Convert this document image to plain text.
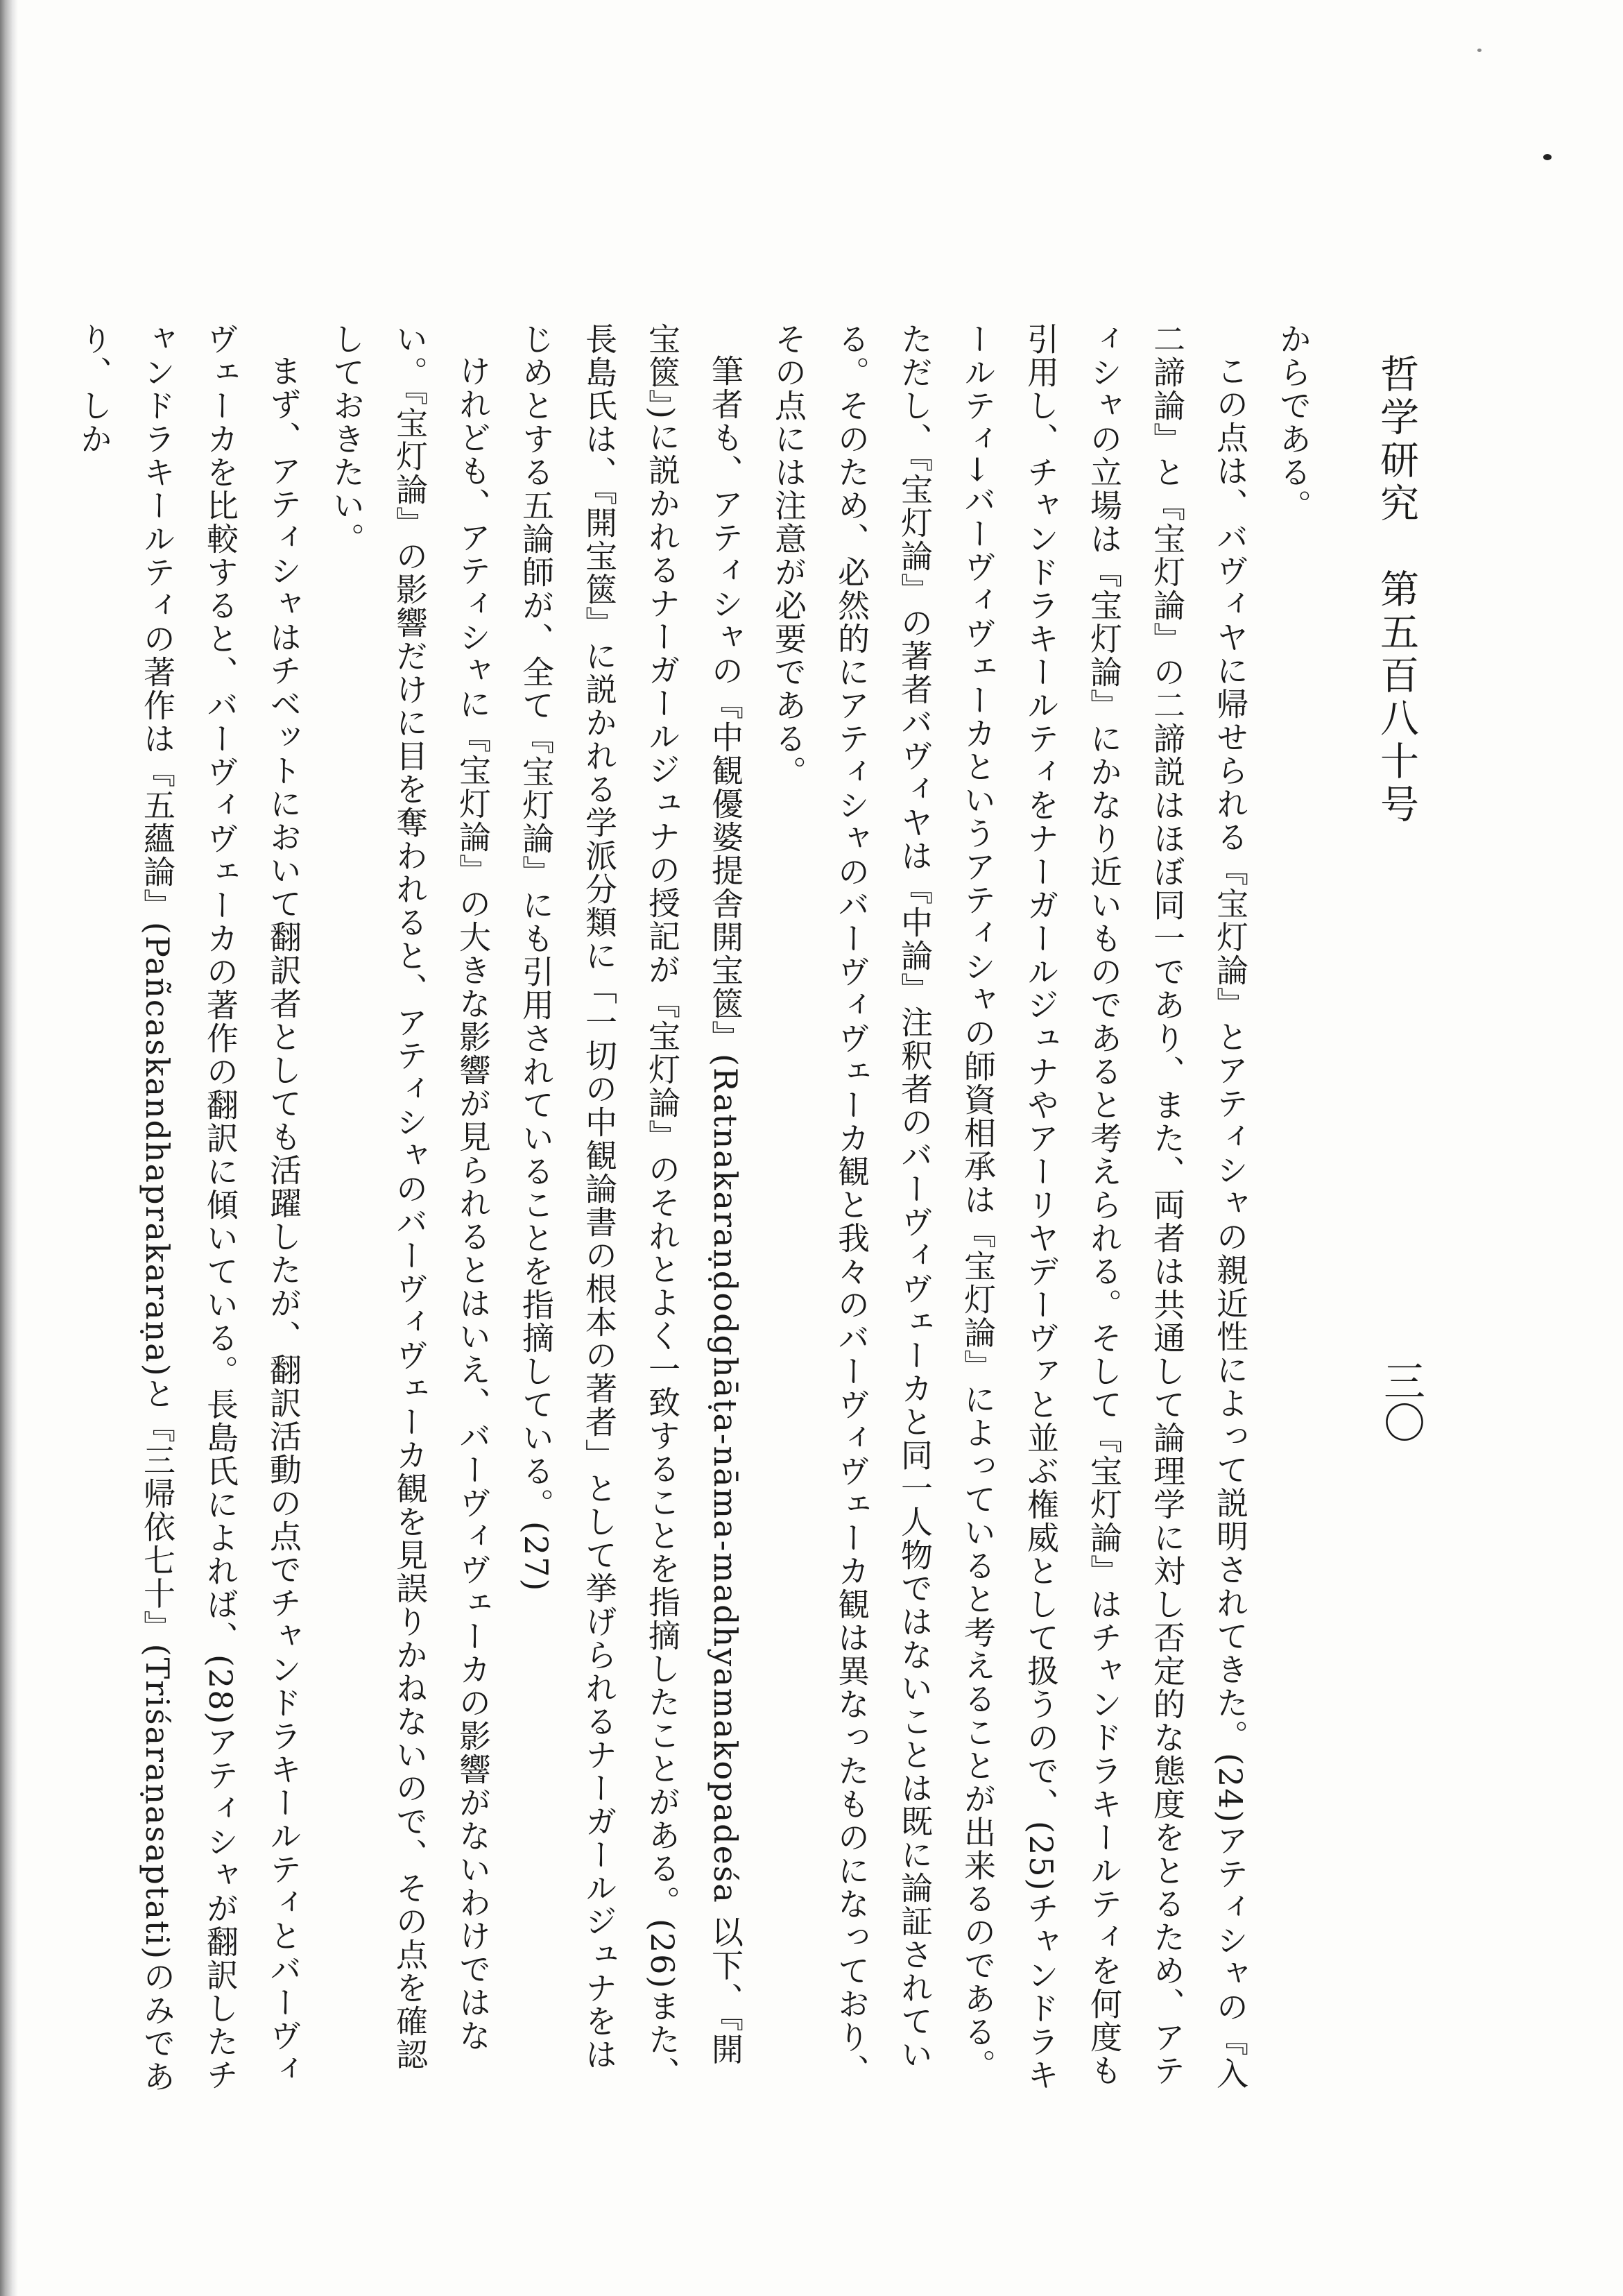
哲学研究　第五百八十号
三〇

からである。

この点は、バヴィヤに帰せられる『宝灯論』とアティシャの親近性によって説明されてきた。(24)アティシャの『入二諦論』と『宝灯論』の二諦説はほぼ同一であり、また、両者は共通して論理学に対し否定的な態度をとるため、アティシャの立場は『宝灯論』にかなり近いものであると考えられる。そして『宝灯論』はチャンドラキールティを何度も引用し、チャンドラキールティをナーガールジュナやアーリヤデーヴァと並ぶ権威として扱うので、(25)チャンドラキールティ→バーヴィヴェーカというアティシャの師資相承は『宝灯論』によっていると考えることが出来るのである。ただし、『宝灯論』の著者バヴィヤは『中論』注釈者のバーヴィヴェーカと同一人物ではないことは既に論証されている。そのため、必然的にアティシャのバーヴィヴェーカ観と我々のバーヴィヴェーカ観は異なったものになっており、その点には注意が必要である。

筆者も、アティシャの『中観優婆提舎開宝篋』(Ratnakaraṇḍodghāṭa-nāma-madhyamakopadeśa 以下、『開宝篋』)に説かれるナーガールジュナの授記が『宝灯論』のそれとよく一致することを指摘したことがある。(26)また、長島氏は、『開宝篋』に説かれる学派分類に「一切の中観論書の根本の著者」として挙げられるナーガールジュナをはじめとする五論師が、全て『宝灯論』にも引用されていることを指摘している。(27)

けれども、アティシャに『宝灯論』の大きな影響が見られるとはいえ、バーヴィヴェーカの影響がないわけではない。『宝灯論』の影響だけに目を奪われると、アティシャのバーヴィヴェーカ観を見誤りかねないので、その点を確認しておきたい。

まず、アティシャはチベットにおいて翻訳者としても活躍したが、翻訳活動の点でチャンドラキールティとバーヴィヴェーカを比較すると、バーヴィヴェーカの著作の翻訳に傾いている。長島氏によれば、(28)アティシャが翻訳したチャンドラキールティの著作は『五蘊論』(Pañcaskandhaprakaraṇa)と『三帰依七十』(Triśaraṇasaptati)のみであり、しか
